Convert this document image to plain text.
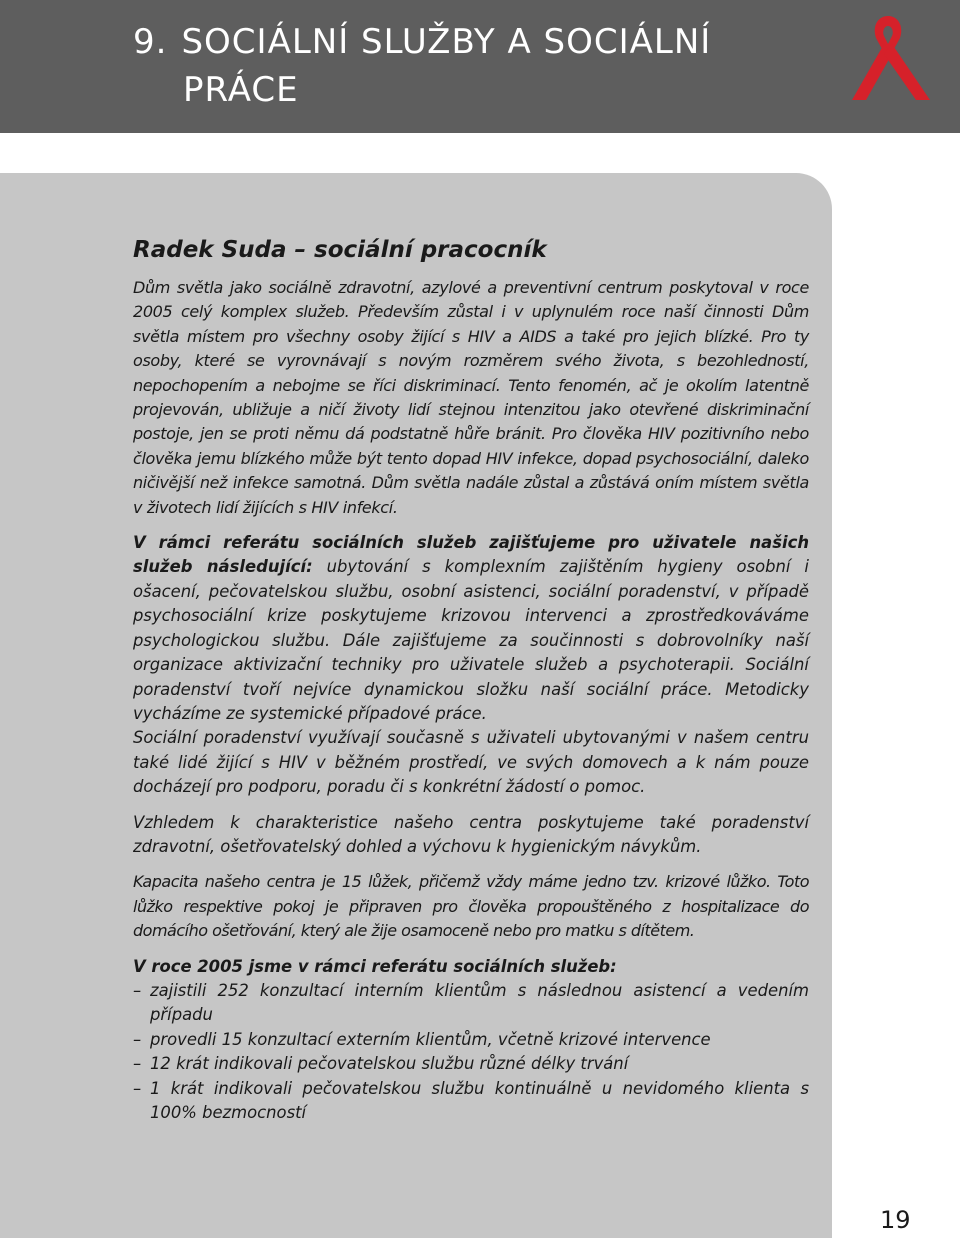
9. SOCIÁLNÍ SLUŽBY A SOCIÁLNÍ
PRÁCE
Radek Suda – sociální pracocník

Dům světla jako sociálně zdravotní, azylové a preventivní centrum poskytoval v roce 2005 celý komplex služeb. Především zůstal i v uplynulém roce naší činnosti Dům světla místem pro všechny osoby žijící s HIV a AIDS a také pro jejich blízké. Pro ty osoby, které se vyrovnávají s novým rozměrem svého života, s bezohledností, nepochopením a nebojme se říci diskriminací. Tento fenomén, ač je okolím latentně projevován, ubližuje a ničí životy lidí stejnou intenzitou jako otevřené diskriminační postoje, jen se proti němu dá podstatně hůře bránit. Pro člověka HIV pozitivního nebo člověka jemu blízkého může být tento dopad HIV infekce, dopad psychosociální, daleko ničivější než infekce samotná. Dům světla nadále zůstal a zůstává oním místem světla v životech lidí žijících s HIV infekcí.

V rámci referátu sociálních služeb zajišťujeme pro uživatele našich služeb následující: ubytování s komplexním zajištěním hygieny osobní i ošacení, pečovatelskou službu, osobní asistenci, sociální poradenství, v případě psychosociální krize poskytujeme krizovou intervenci a zprostředkováváme psychologickou službu. Dále zajišťujeme za součinnosti s dobrovolníky naší organizace aktivizační techniky pro uživatele služeb a psychoterapii. Sociální poradenství tvoří nejvíce dynamickou složku naší sociální práce. Metodicky vycházíme ze systemické případové práce.

Sociální poradenství využívají současně s uživateli ubytovanými v našem centru také lidé žijící s HIV v běžném prostředí, ve svých domovech a k nám pouze docházejí pro podporu, poradu či s konkrétní žádostí o pomoc.

Vzhledem k charakteristice našeho centra poskytujeme také poradenství zdravotní, ošetřovatelský dohled a výchovu k hygienickým návykům.

Kapacita našeho centra je 15 lůžek, přičemž vždy máme jedno tzv. krizové lůžko. Toto lůžko respektive pokoj je připraven pro člověka propouštěného z hospitalizace do domácího ošetřování, který ale žije osamoceně nebo pro matku s dítětem.

V roce 2005 jsme v rámci referátu sociálních služeb:

– zajistili 252 konzultací interním klientům s následnou asistencí a vedením případu
– provedli 15 konzultací externím klientům, včetně krizové intervence
– 12 krát indikovali pečovatelskou službu různé délky trvání
– 1 krát indikovali pečovatelskou službu kontinuálně u nevidomého klienta s 100% bezmocností
19
